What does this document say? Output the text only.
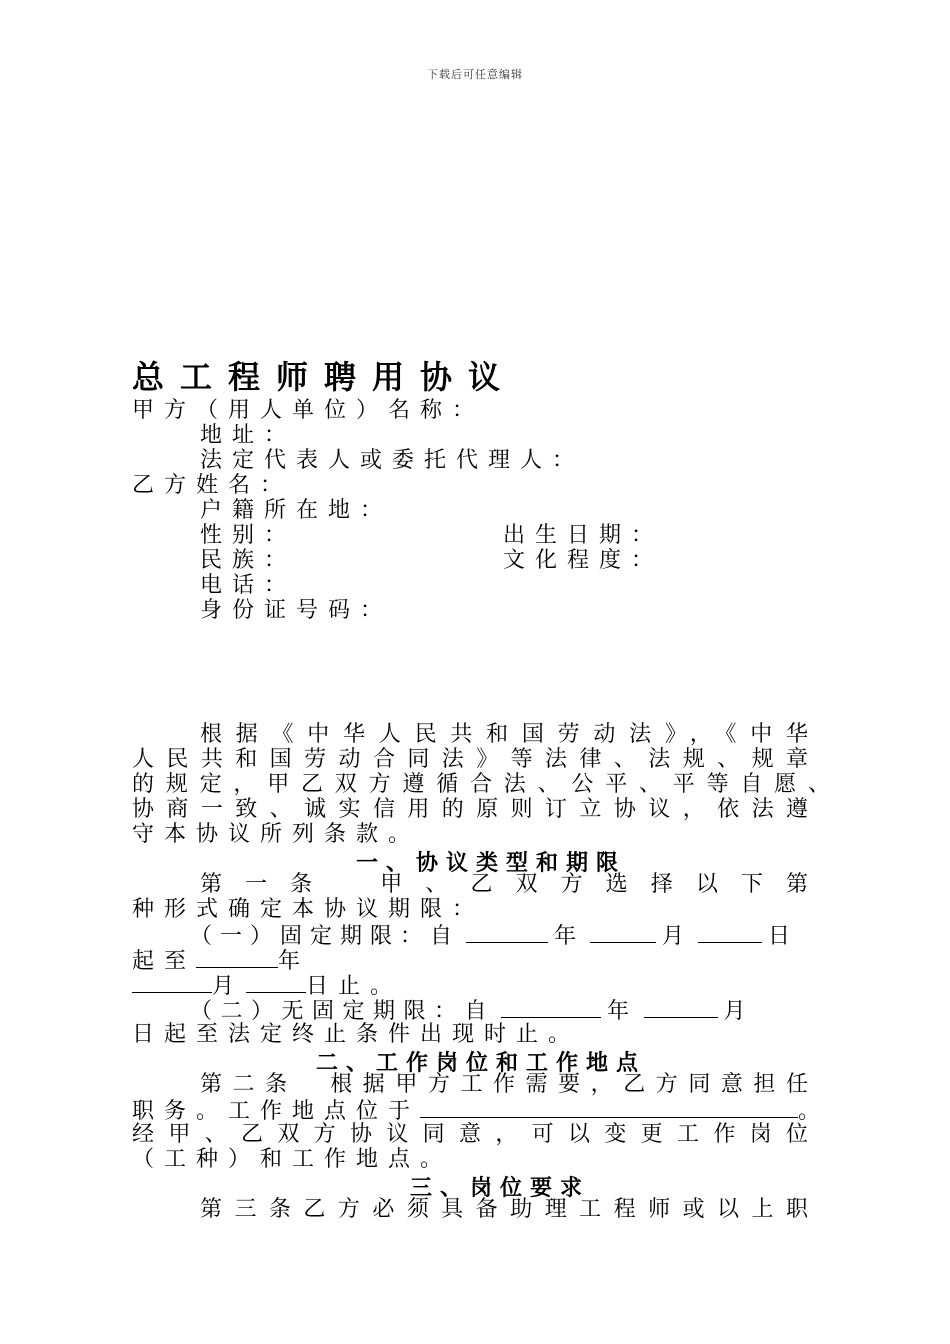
下载后可任意编辑
总工程师聘用协议
甲方（用人单位）名称：
地址：
法定代表人或委托代理人：
乙方姓名：
户籍所在地：
性别：	出生日期：
民族：	文化程度：
电话：
身份证号码：
根据《中华人民共和国劳动法》，《中华
人民共和国劳动合同法》等法律、法规、规章
的规定，甲乙双方遵循合法、公平、平等自愿、
协商一致、诚实信用的原则订立协议，依法遵
守本协议所列条款。
一、协议类型和期限
第一条　甲、乙双方选择以下第
种形式确定本协议期限：
（一）固定期限：自	年	月	日
起至	年
月	日止。
（二）无固定期限：自	年	月
日起至法定终止条件出现时止。
二、工作岗位和工作地点
第二条　根据甲方工作需要，乙方同意担任
职务。工作地点位于	。
经甲、乙双方协议同意，可以变更工作岗位
（工种）和工作地点。
三、岗位要求
第三条乙方必须具备助理工程师或以上职
